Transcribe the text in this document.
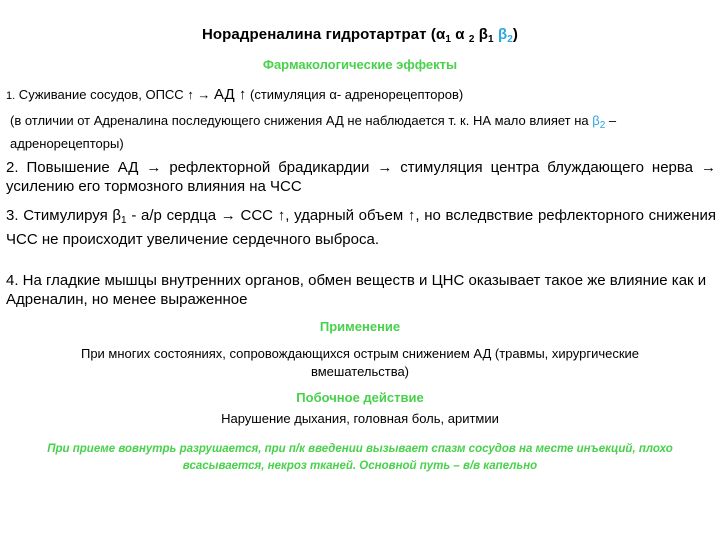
Норадреналина гидротартрат ($\alpha_1$ α $_2$ $\beta_1$ $\beta_2$)
Фармакологические эффекты
1. Суживание сосудов, ОПСС ↑ → АД ↑ (стимуляция α- адренорецепторов)
(в отличии от Адреналина последующего снижения АД не наблюдается т. к. НА мало влияет на $\beta_2$ – адренорецепторы)
2. Повышение АД → рефлекторной брадикардии → стимуляция центра блуждающего нерва → усилению его тормозного влияния на ЧСС
3. Стимулируя $\beta_1 - а/р$ сердца → ССС ↑, ударный объем ↑, но вследвствие рефлекторного снижения ЧСС не происходит увеличение сердечного выброса.
4. На гладкие мышцы внутренних органов, обмен веществ и ЦНС оказывает такое же влияние как и Адреналин, но менее выраженное
Применение
При многих состояниях, сопровождающихся острым снижением АД (травмы, хирургические вмешательства)
Побочное действие
Нарушение дыхания, головная боль, аритмии
При приеме вовнутрь разрушается, при п/к введении вызывает спазм сосудов на месте инъекций, плохо всасывается, некроз тканей. Основной путь – в/в капельно
